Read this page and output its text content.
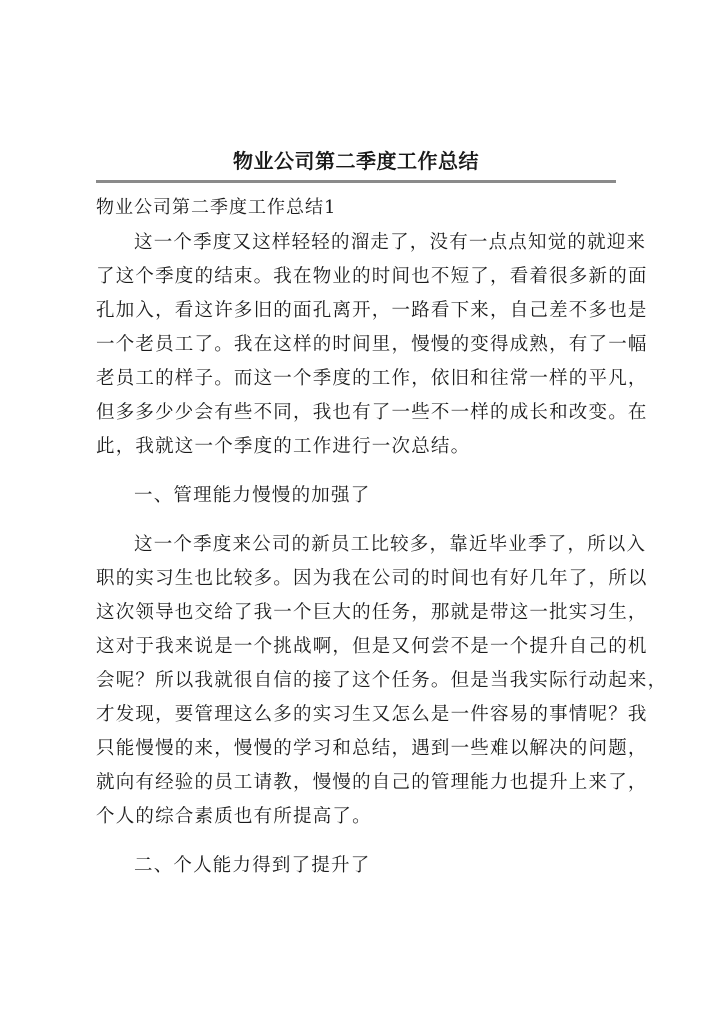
物业公司第二季度工作总结

物业公司第二季度工作总结1

这一个季度又这样轻轻的溜走了，没有一点点知觉的就迎来

了这个季度的结束。我在物业的时间也不短了，看着很多新的面

孔加入，看这许多旧的面孔离开，一路看下来，自己差不多也是

一个老员工了。我在这样的时间里，慢慢的变得成熟，有了一幅

老员工的样子。而这一个季度的工作，依旧和往常一样的平凡，

但多多少少会有些不同，我也有了一些不一样的成长和改变。在

此，我就这一个季度的工作进行一次总结。

一、管理能力慢慢的加强了

这一个季度来公司的新员工比较多，靠近毕业季了，所以入

职的实习生也比较多。因为我在公司的时间也有好几年了，所以

这次领导也交给了我一个巨大的任务，那就是带这一批实习生，

这对于我来说是一个挑战啊，但是又何尝不是一个提升自己的机

会呢？所以我就很自信的接了这个任务。但是当我实际行动起来，

才发现，要管理这么多的实习生又怎么是一件容易的事情呢？我

只能慢慢的来，慢慢的学习和总结，遇到一些难以解决的问题，

就向有经验的员工请教，慢慢的自己的管理能力也提升上来了，

个人的综合素质也有所提高了。

二、个人能力得到了提升了
